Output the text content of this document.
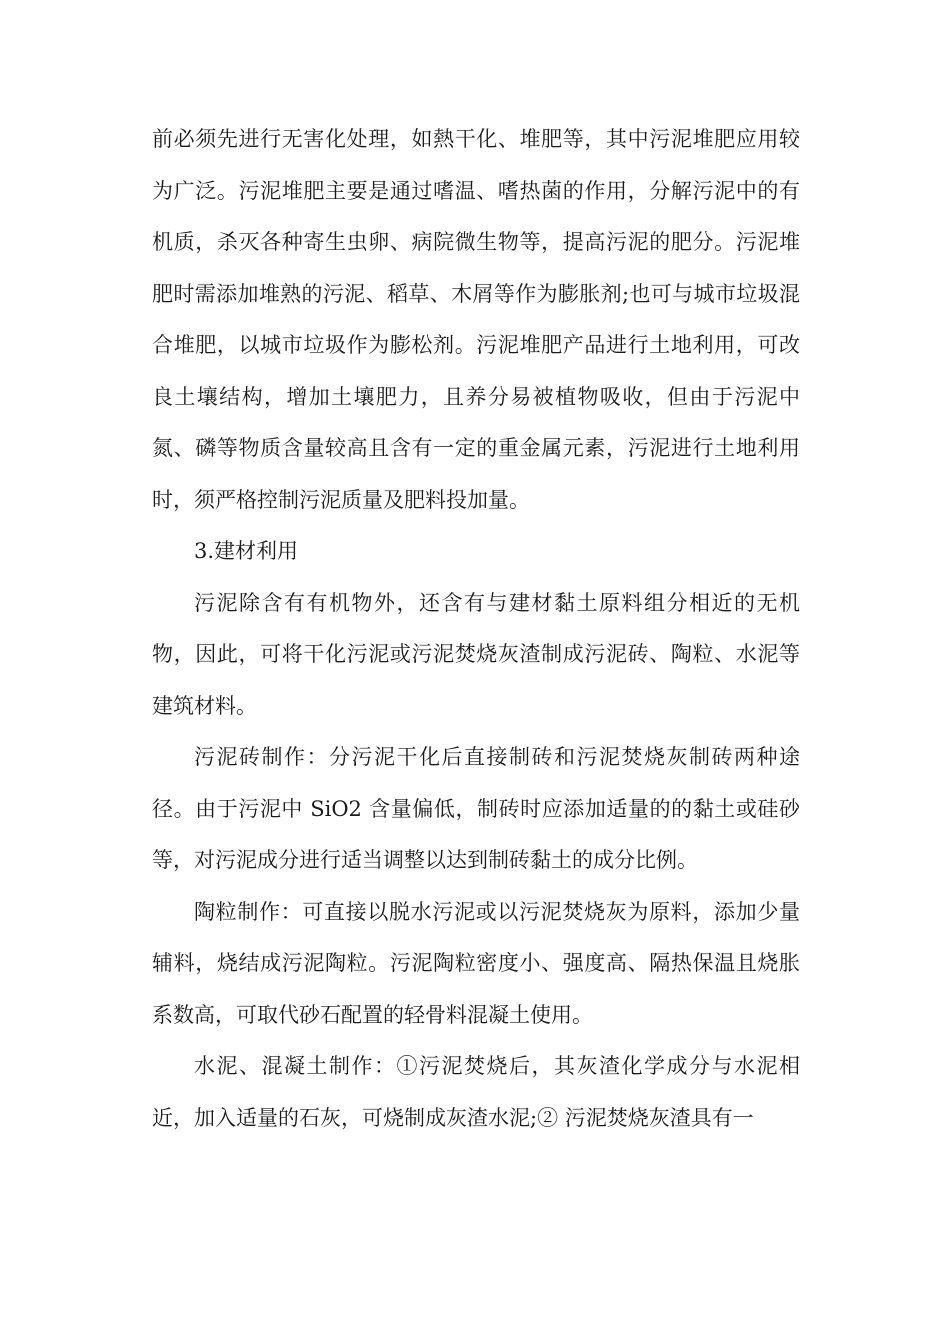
前必须先进行无害化处理，如熱干化、堆肥等，其中污泥堆肥应用较为广泛。污泥堆肥主要是通过嗜温、嗜热菌的作用，分解污泥中的有机质，杀灭各种寄生虫卵、病院微生物等，提高污泥的肥分。污泥堆肥时需添加堆熟的污泥、稻草、木屑等作为膨胀剂;也可与城市垃圾混合堆肥，以城市垃圾作为膨松剂。污泥堆肥产品进行土地利用，可改良土壤结构，增加土壤肥力，且养分易被植物吸收，但由于污泥中氮、磷等物质含量较高且含有一定的重金属元素，污泥进行土地利用时，须严格控制污泥质量及肥料投加量。

3.建材利用

污泥除含有有机物外，还含有与建材黏土原料组分相近的无机物，因此，可将干化污泥或污泥焚烧灰渣制成污泥砖、陶粒、水泥等建筑材料。

污泥砖制作：分污泥干化后直接制砖和污泥焚烧灰制砖两种途径。由于污泥中 SiO2 含量偏低，制砖时应添加适量的的黏土或硅砂等，对污泥成分进行适当调整以达到制砖黏土的成分比例。

陶粒制作：可直接以脱水污泥或以污泥焚烧灰为原料，添加少量辅料，烧结成污泥陶粒。污泥陶粒密度小、强度高、隔热保温且烧胀系数高，可取代砂石配置的轻骨料混凝土使用。

水泥、混凝土制作：①污泥焚烧后，其灰渣化学成分与水泥相近，加入适量的石灰，可烧制成灰渣水泥;② 污泥焚烧灰渣具有一
